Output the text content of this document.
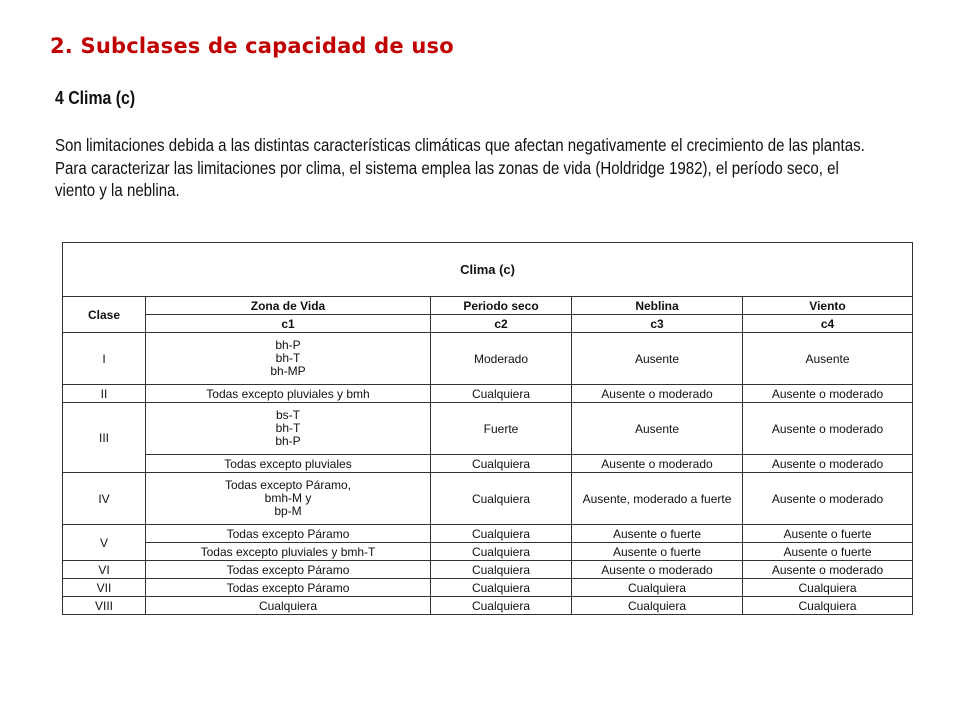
2. Subclases de capacidad de uso
4 Clima (c)
Son limitaciones debida a las distintas características climáticas que afectan negativamente el crecimiento de las plantas.
Para caracterizar las limitaciones por clima, el sistema emplea las zonas de vida (Holdridge 1982), el período seco, el
viento y la neblina.
Clima (c)				
Clase	Zona de Vida	Periodo seco	Neblina	Viento
	c1	c2	c3	c4
I	bh-P
bh-T
bh-MP	Moderado	Ausente	Ausente
II	Todas excepto pluviales y bmh	Cualquiera	Ausente o moderado	Ausente o moderado
III	bs-T
bh-T
bh-P	Fuerte	Ausente	Ausente o moderado
	Todas excepto pluviales	Cualquiera	Ausente o moderado	Ausente o moderado
IV	Todas excepto Páramo,
bmh-M y
bp-M	Cualquiera	Ausente, moderado a fuerte	Ausente o moderado
V	Todas excepto Páramo	Cualquiera	Ausente o fuerte	Ausente o fuerte
	Todas excepto pluviales y bmh-T	Cualquiera	Ausente o fuerte	Ausente o fuerte
VI	Todas excepto Páramo	Cualquiera	Ausente o moderado	Ausente o moderado
VII	Todas excepto Páramo	Cualquiera	Cualquiera	Cualquiera
VIII	Cualquiera	Cualquiera	Cualquiera	Cualquiera
